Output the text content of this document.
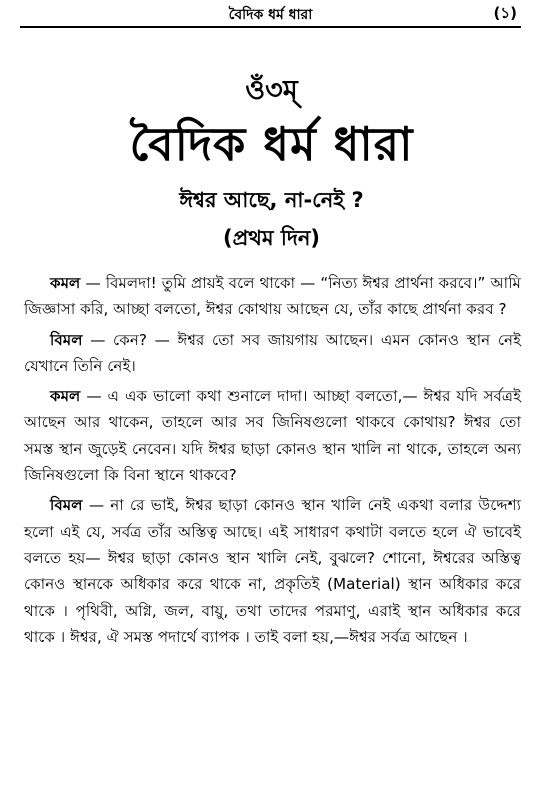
বৈদিক ধর্ম ধারা	(১)
ওঁ৩ম্
বৈদিক ধর্ম ধারা
ঈশ্বর আছে, না-নেই ?
(প্রথম দিন)

কমল — বিমলদা! তুমি প্রায়ই বলে থাকো — “নিত্য ঈশ্বর প্রার্থনা করবে।” আমি জিজ্ঞাসা করি, আচ্ছা বলতো, ঈশ্বর কোথায় আছেন যে, তাঁর কাছে প্রার্থনা করব ?

বিমল — কেন? — ঈশ্বর তো সব জায়গায় আছেন। এমন কোনও স্থান নেই যেখানে তিনি নেই।

কমল — এ এক ভালো কথা শুনালে দাদা। আচ্ছা বলতো,— ঈশ্বর যদি সর্বত্রই আছেন আর থাকেন, তাহলে আর সব জিনিষগুলো থাকবে কোথায়? ঈশ্বর তো সমস্ত স্থান জুড়েই নেবেন। যদি ঈশ্বর ছাড়া কোনও স্থান খালি না থাকে, তাহলে অন্য জিনিষগুলো কি বিনা স্থানে থাকবে?

বিমল — না রে ভাই, ঈশ্বর ছাড়া কোনও স্থান খালি নেই একথা বলার উদ্দেশ্য হলো এই যে, সর্বত্র তাঁর অস্তিত্ব আছে। এই সাধারণ কথাটা বলতে হলে ঐ ভাবেই বলতে হয়— ঈশ্বর ছাড়া কোনও স্থান খালি নেই, বুঝলে? শোনো, ঈশ্বরের অস্তিত্ব কোনও স্থানকে অধিকার করে থাকে না, প্রকৃতিই (Material) স্থান অধিকার করে থাকে । পৃথিবী, অগ্নি, জল, বায়ু, তথা তাদের পরমাণু, এরাই স্থান অধিকার করে থাকে । ঈশ্বর, ঐ সমস্ত পদার্থে ব্যাপক । তাই বলা হয়,—ঈশ্বর সর্বত্র আছেন ।
